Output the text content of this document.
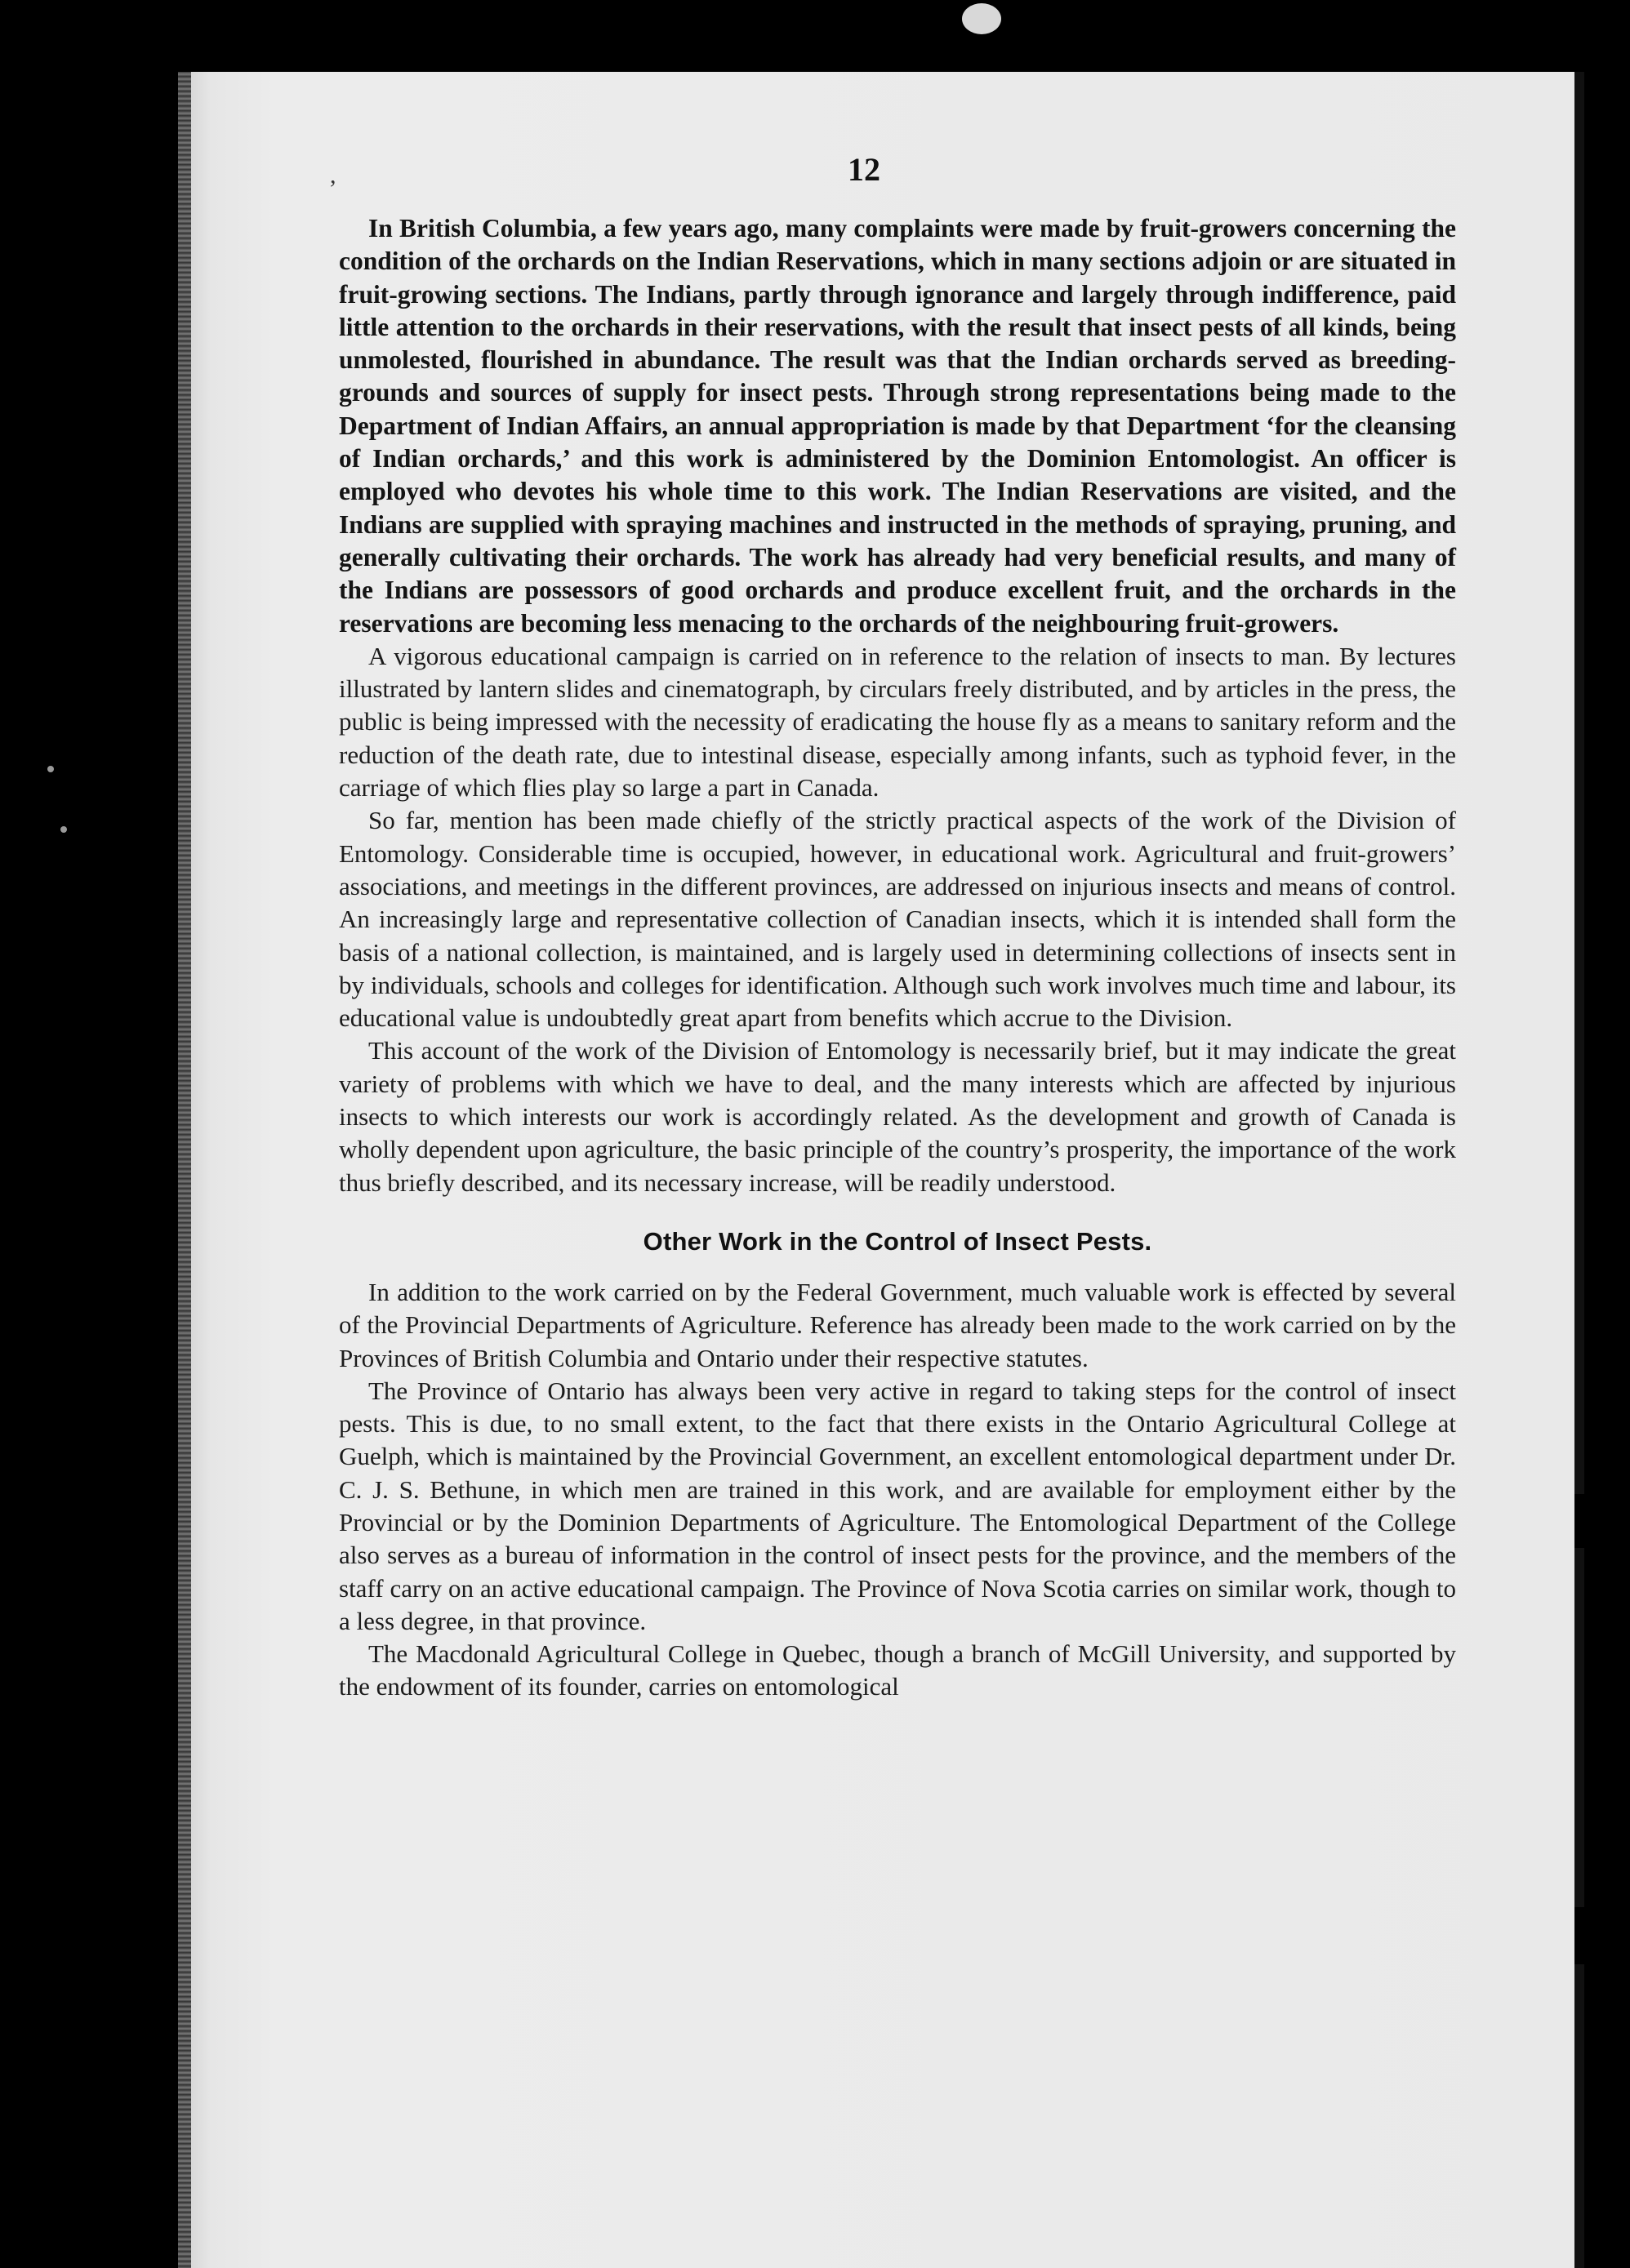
,	12

In British Columbia, a few years ago, many complaints were made by fruit-growers concerning the condition of the orchards on the Indian Reservations, which in many sections adjoin or are situated in fruit-growing sections. The Indians, partly through ignorance and largely through indifference, paid little attention to the orchards in their reservations, with the result that insect pests of all kinds, being unmolested, flourished in abundance. The result was that the Indian orchards served as breeding-grounds and sources of supply for insect pests. Through strong representations being made to the Department of Indian Affairs, an annual appropriation is made by that Department ‘for the cleansing of Indian orchards,’ and this work is administered by the Dominion Entomologist. An officer is employed who devotes his whole time to this work. The Indian Reservations are visited, and the Indians are supplied with spraying machines and instructed in the methods of spraying, pruning, and generally cultivating their orchards. The work has already had very beneficial results, and many of the Indians are possessors of good orchards and produce excellent fruit, and the orchards in the reservations are becoming less menacing to the orchards of the neighbouring fruit-growers.

A vigorous educational campaign is carried on in reference to the relation of insects to man. By lectures illustrated by lantern slides and cinematograph, by circulars freely distributed, and by articles in the press, the public is being impressed with the necessity of eradicating the house fly as a means to sanitary reform and the reduction of the death rate, due to intestinal disease, especially among infants, such as typhoid fever, in the carriage of which flies play so large a part in Canada.

So far, mention has been made chiefly of the strictly practical aspects of the work of the Division of Entomology. Considerable time is occupied, however, in educational work. Agricultural and fruit-growers’ associations, and meetings in the different provinces, are addressed on injurious insects and means of control. An increasingly large and representative collection of Canadian insects, which it is intended shall form the basis of a national collection, is maintained, and is largely used in determining collections of insects sent in by individuals, schools and colleges for identification. Although such work involves much time and labour, its educational value is undoubtedly great apart from benefits which accrue to the Division.

This account of the work of the Division of Entomology is necessarily brief, but it may indicate the great variety of problems with which we have to deal, and the many interests which are affected by injurious insects to which interests our work is accordingly related. As the development and growth of Canada is wholly dependent upon agriculture, the basic principle of the country’s prosperity, the importance of the work thus briefly described, and its necessary increase, will be readily understood.

Other Work in the Control of Insect Pests.

In addition to the work carried on by the Federal Government, much valuable work is effected by several of the Provincial Departments of Agriculture. Reference has already been made to the work carried on by the Provinces of British Columbia and Ontario under their respective statutes.

The Province of Ontario has always been very active in regard to taking steps for the control of insect pests. This is due, to no small extent, to the fact that there exists in the Ontario Agricultural College at Guelph, which is maintained by the Provincial Government, an excellent entomological department under Dr. C. J. S. Bethune, in which men are trained in this work, and are available for employment either by the Provincial or by the Dominion Departments of Agriculture. The Entomological Department of the College also serves as a bureau of information in the control of insect pests for the province, and the members of the staff carry on an active educational campaign. The Province of Nova Scotia carries on similar work, though to a less degree, in that province.

The Macdonald Agricultural College in Quebec, though a branch of McGill University, and supported by the endowment of its founder, carries on entomological
